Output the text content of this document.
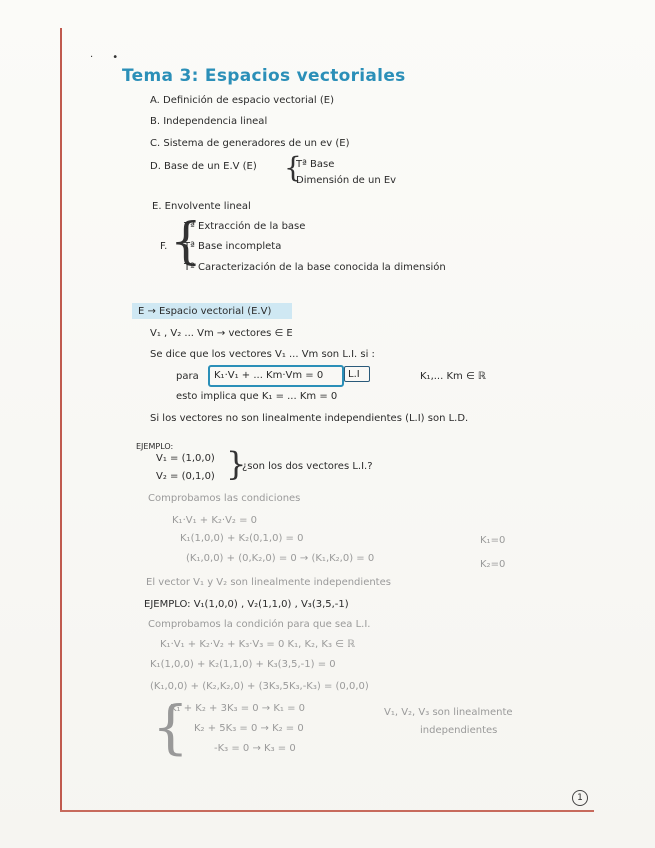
·      •
Tema 3: Espacios vectoriales
A. Definición de espacio vectorial (E)
B. Independencia lineal
C. Sistema de generadores de un ev (E)
D. Base de un E.V (E) {
Tª Base
Dimensión de un Ev
E. Envolvente lineal
F. {
Tª Extracción de la base
Tª Base incompleta
Tª Caracterización de la base conocida la dimensión
E → Espacio vectorial (E.V)
V₁ , V₂ ... Vm → vectores ∈ E
Se dice que los vectores V₁ ... Vm son L.I. si :
para K₁·V₁ + ... Km·Vm = 0 L.I	K₁,... Km ∈ ℝ
esto implica que K₁ = ... Km = 0
Si los vectores no son linealmente independientes (L.I) son L.D.
EJEMPLO:
V₁ = (1,0,0)
V₂ = (0,1,0) }
¿son los dos vectores L.I.?
Comprobamos las condiciones
K₁·V₁ + K₂·V₂ = 0
K₁(1,0,0) + K₂(0,1,0) = 0
(K₁,0,0) + (0,K₂,0) = 0 → (K₁,K₂,0) = 0
K₁=0
K₂=0
El vector V₁ y V₂ son linealmente independientes
EJEMPLO: V₁(1,0,0) , V₂(1,1,0) , V₃(3,5,-1)
Comprobamos la condición para que sea L.I.
K₁·V₁ + K₂·V₂ + K₃·V₃ = 0 K₁, K₂, K₃ ∈ ℝ
K₁(1,0,0) + K₂(1,1,0) + K₃(3,5,-1) = 0
(K₁,0,0) + (K₂,K₂,0) + (3K₃,5K₃,-K₃) = (0,0,0)
{
K₁ + K₂ + 3K₃ = 0 → K₁ = 0
K₂ + 5K₃ = 0 → K₂ = 0
-K₃ = 0 → K₃ = 0
V₁, V₂, V₃ son linealmente
independientes
1
